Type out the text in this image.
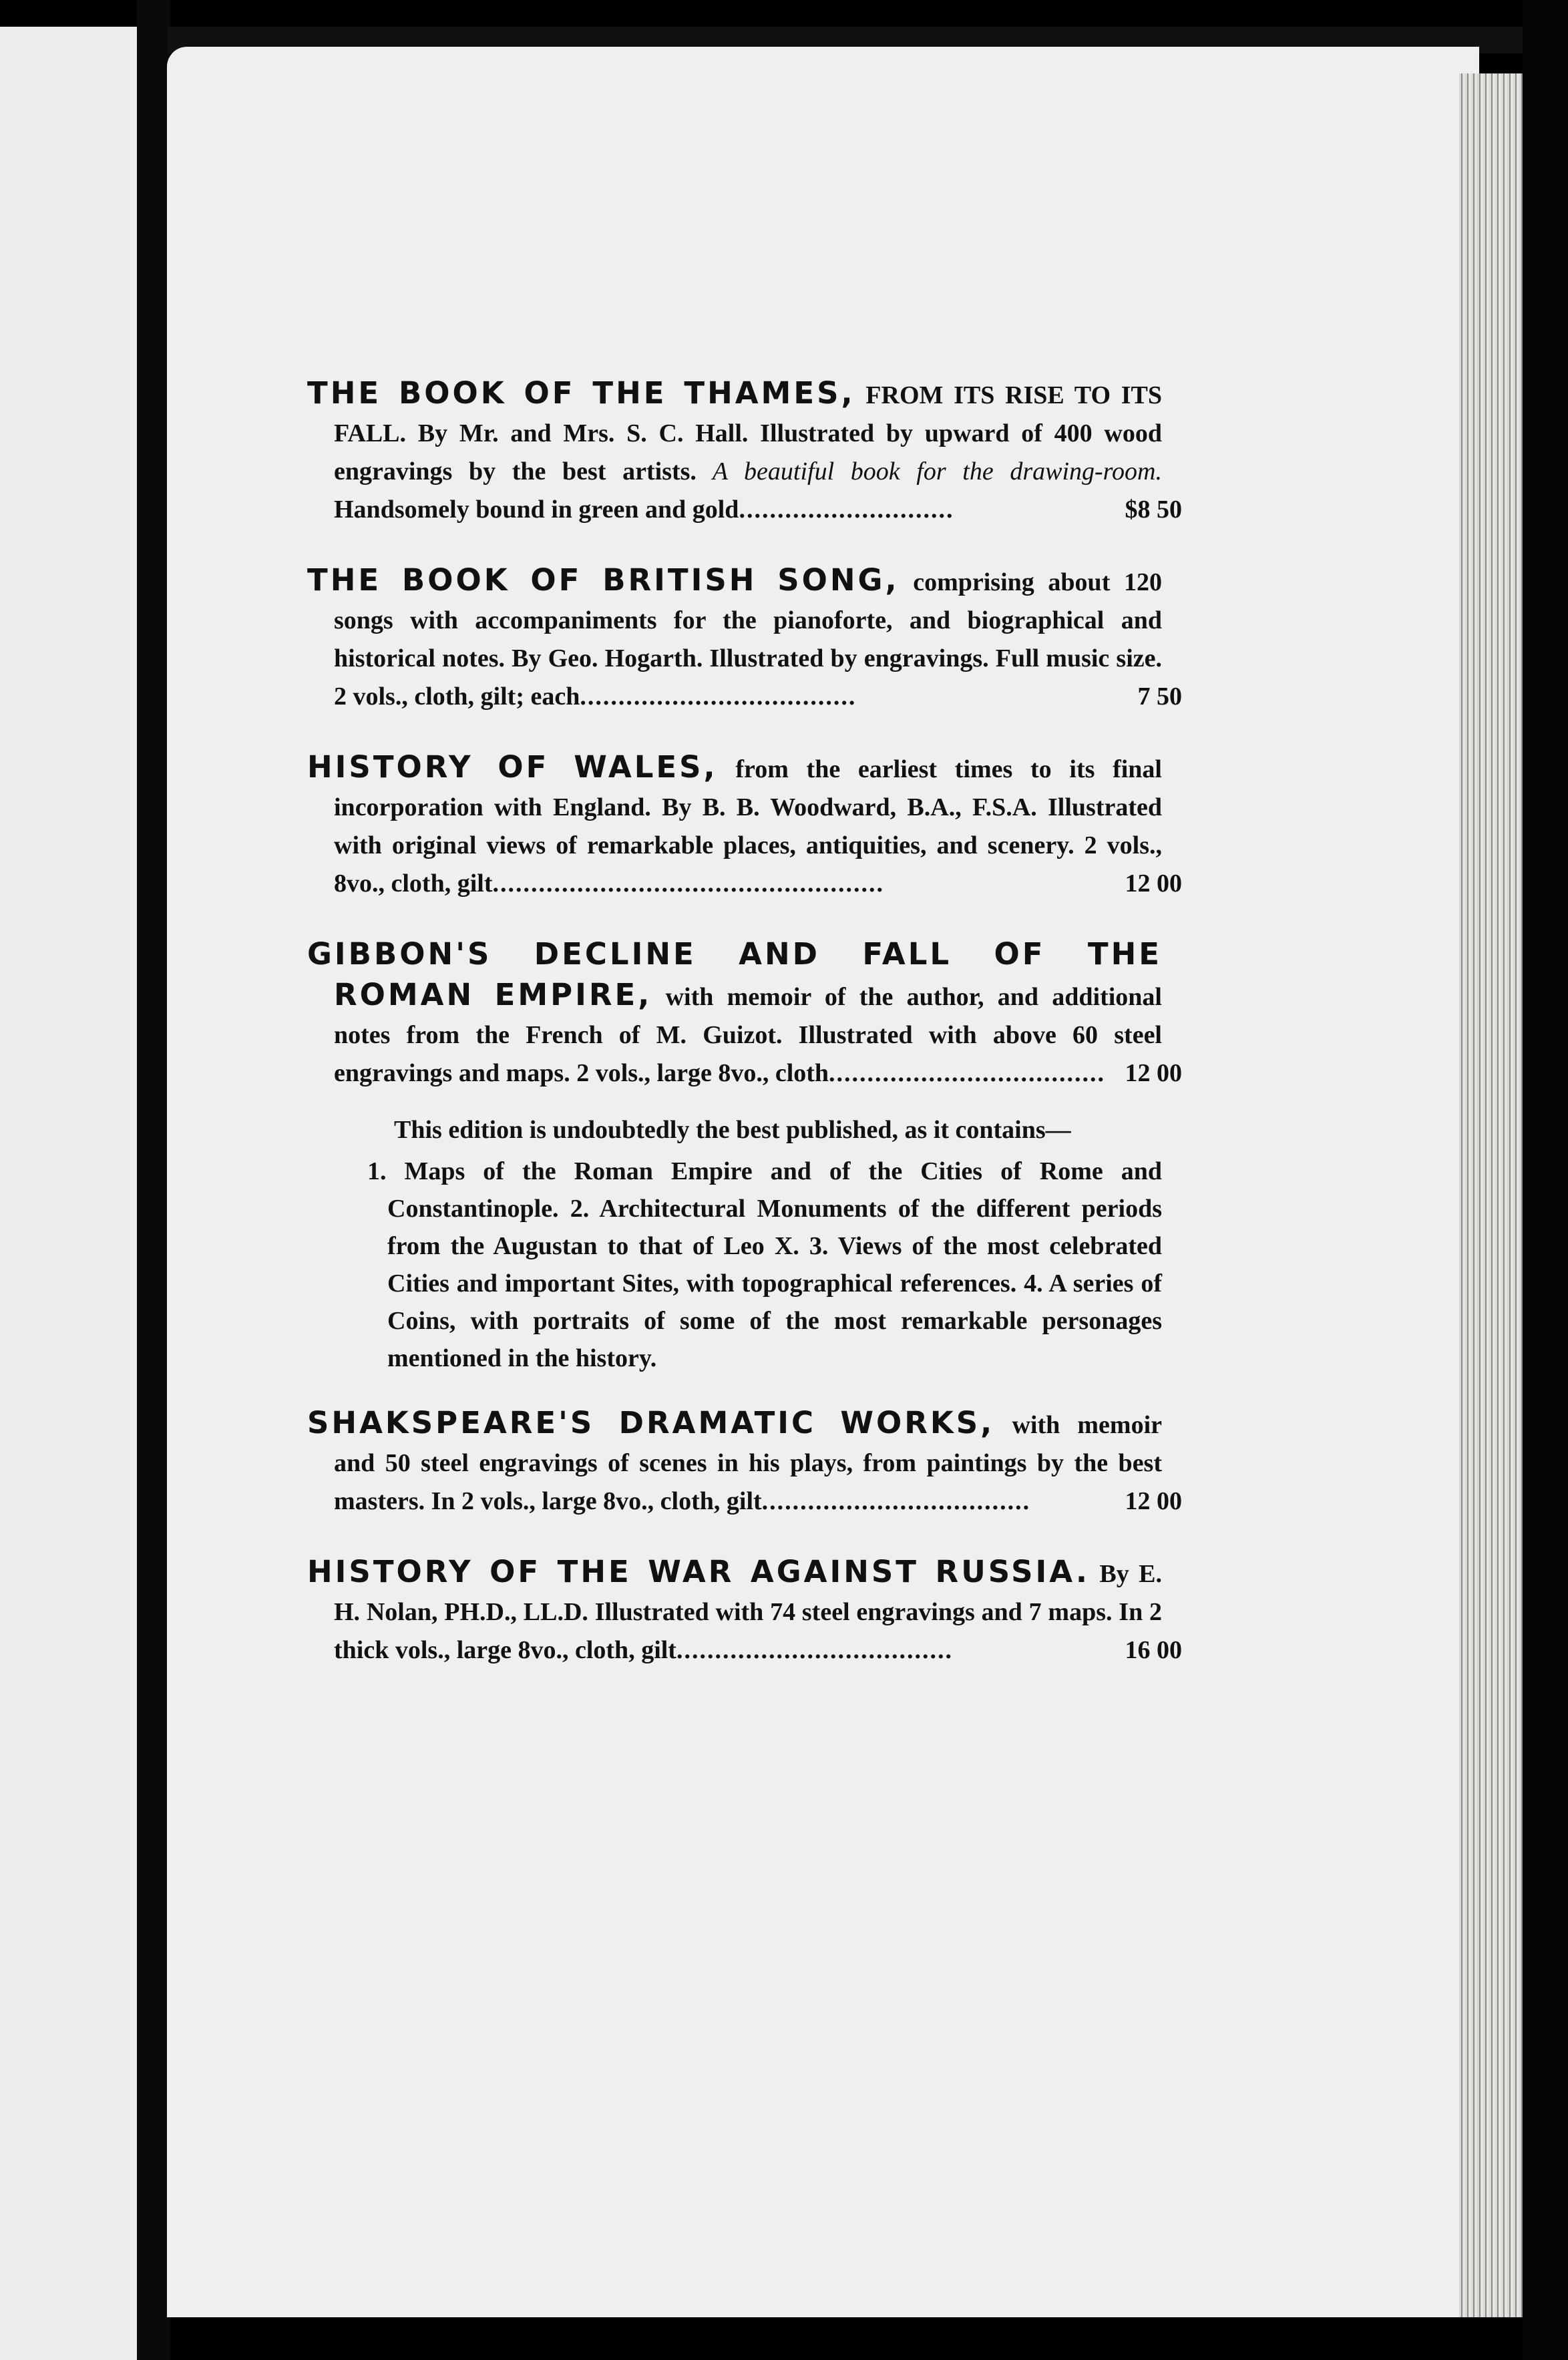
THE BOOK OF THE THAMES, FROM ITS RISE TO ITS FALL. By Mr. and Mrs. S. C. Hall. Illustrated by upward of 400 wood engravings by the best artists. A beautiful book for the drawing-room. Handsomely bound in green and gold............................	$8 50
THE BOOK OF BRITISH SONG, comprising about 120 songs with accompaniments for the pianoforte, and biographical and historical notes. By Geo. Hogarth. Illustrated by engravings. Full music size. 2 vols., cloth, gilt; each....................................	7 50
HISTORY OF WALES, from the earliest times to its final incorporation with England. By B. B. Woodward, B.A., F.S.A. Illustrated with original views of remarkable places, antiquities, and scenery. 2 vols., 8vo., cloth, gilt...................................................	12 00
GIBBON'S DECLINE AND FALL OF THE ROMAN EMPIRE, with memoir of the author, and additional notes from the French of M. Guizot. Illustrated with above 60 steel engravings and maps. 2 vols., large 8vo., cloth.................................... 12 00

This edition is undoubtedly the best published, as it contains—

1. Maps of the Roman Empire and of the Cities of Rome and Constantinople. 2. Architectural Monuments of the different periods from the Augustan to that of Leo X. 3. Views of the most celebrated Cities and important Sites, with topographical references. 4. A series of Coins, with portraits of some of the most remarkable personages mentioned in the history.

SHAKSPEARE'S DRAMATIC WORKS, with memoir and 50 steel engravings of scenes in his plays, from paintings by the best masters. In 2 vols., large 8vo., cloth, gilt...................................	12 00
HISTORY OF THE WAR AGAINST RUSSIA. By E. H. Nolan, PH.D., LL.D. Illustrated with 74 steel engravings and 7 maps. In 2 thick vols., large 8vo., cloth, gilt....................................	16 00
